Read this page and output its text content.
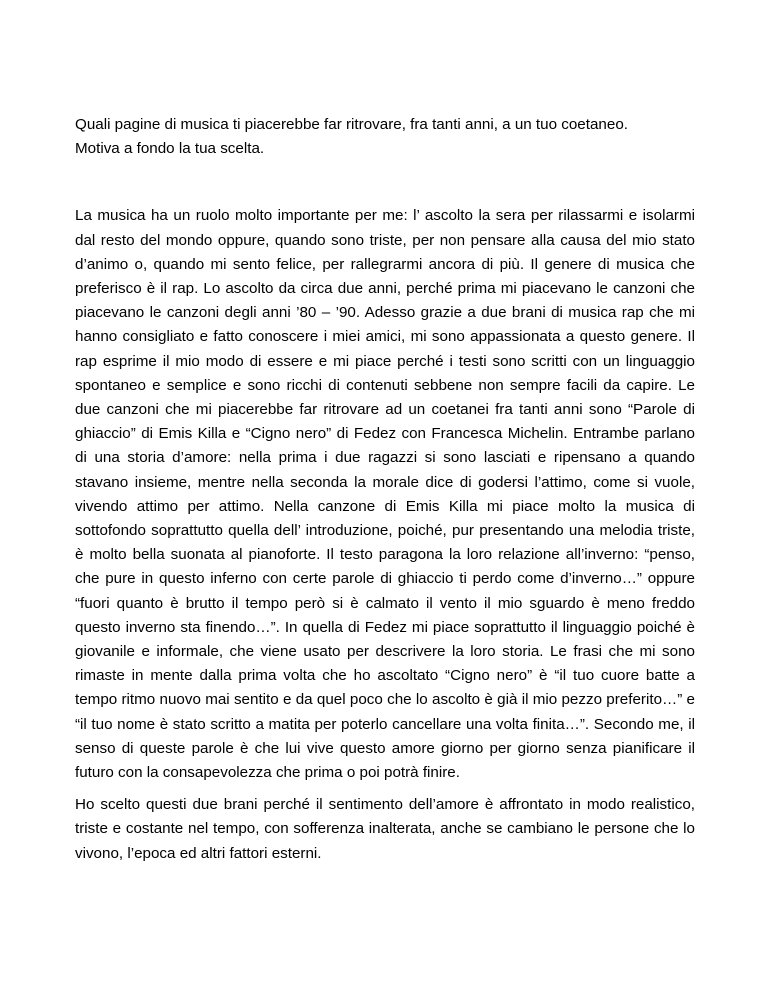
Quali pagine di musica ti piacerebbe far ritrovare, fra tanti anni, a un tuo coetaneo.

Motiva a fondo la tua scelta.

La musica ha un ruolo molto importante per me: l’ ascolto la sera per rilassarmi e isolarmi dal resto del mondo oppure, quando sono triste, per non pensare alla causa del mio stato d’animo o, quando mi sento felice, per rallegrarmi ancora di più. Il genere di musica che preferisco è il rap. Lo ascolto da circa due anni, perché prima mi piacevano le canzoni che piacevano le canzoni degli anni ’80 – ’90. Adesso grazie a due brani di musica rap che mi hanno consigliato e fatto conoscere i miei amici, mi sono appassionata a questo genere. Il rap esprime il mio modo di essere e mi piace perché i testi sono scritti con un linguaggio spontaneo e semplice e sono ricchi di contenuti sebbene non sempre facili da capire. Le due canzoni che mi piacerebbe far ritrovare ad un coetanei fra tanti anni sono “Parole di ghiaccio” di Emis Killa e “Cigno nero” di Fedez con Francesca Michelin. Entrambe parlano di una storia d’amore: nella prima i due ragazzi si sono lasciati e ripensano a quando stavano insieme, mentre nella seconda la morale dice di godersi l’attimo, come si vuole, vivendo attimo per attimo. Nella canzone di Emis Killa mi piace molto la musica di sottofondo soprattutto quella dell’ introduzione, poiché, pur presentando una melodia triste, è molto bella suonata al pianoforte. Il testo paragona la loro relazione all’inverno: “penso, che pure in questo inferno con certe parole di ghiaccio ti perdo come d’inverno…” oppure “fuori quanto è brutto il tempo però si è calmato il vento il mio sguardo è meno freddo questo inverno sta finendo…”. In quella di Fedez mi piace soprattutto il linguaggio poiché è giovanile e informale, che viene usato per descrivere la loro storia. Le frasi che mi sono rimaste in mente dalla prima volta che ho ascoltato “Cigno nero” è “il tuo cuore batte a tempo ritmo nuovo mai sentito e da quel poco che lo ascolto è già il mio pezzo preferito…” e “il tuo nome è stato scritto a matita per poterlo cancellare una volta finita…”. Secondo me, il senso di queste parole è che lui vive questo amore giorno per giorno senza pianificare il futuro con la consapevolezza che prima o poi potrà finire.

Ho scelto questi due brani perché il sentimento dell’amore è affrontato in modo realistico, triste e costante nel tempo, con sofferenza inalterata, anche se cambiano le persone che lo vivono, l’epoca ed altri fattori esterni.
